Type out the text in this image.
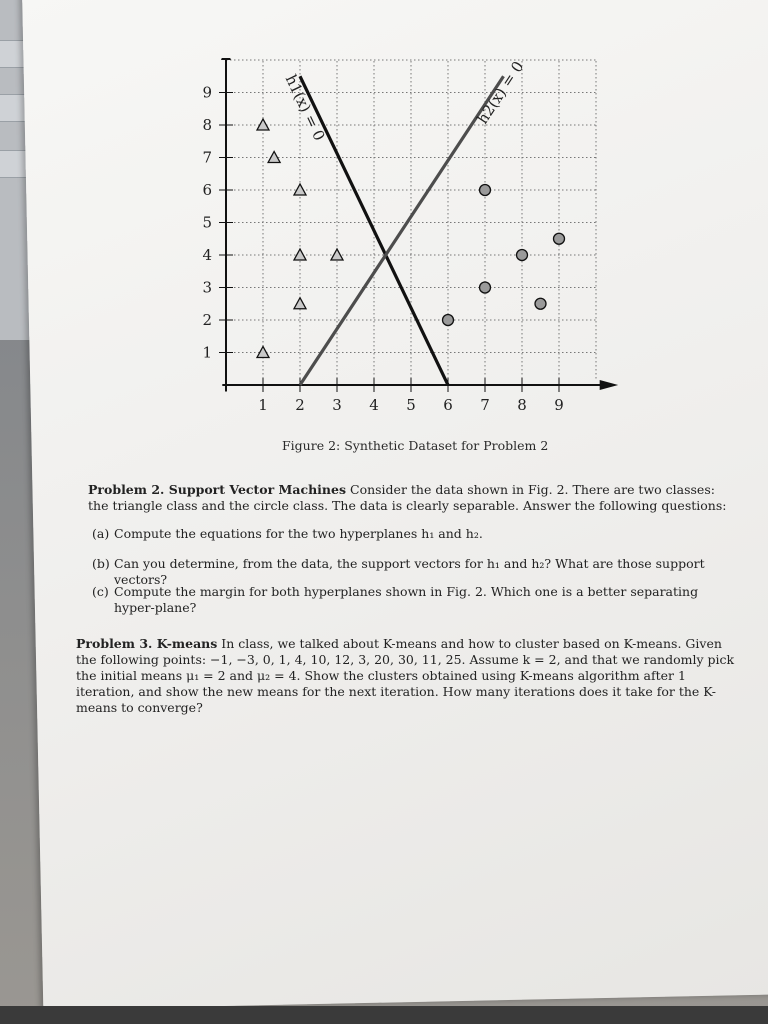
h1(x) = 0	h2(x) = 0
1 2 3 4 5 6 7 8 9
1
2
3
4
5
6
7
8
9
Figure 2: Synthetic Dataset for Problem 2
Problem 2. Support Vector Machines Consider the data shown in Fig. 2. There are two classes: the triangle class and the circle class. The data is clearly separable. Answer the following questions:
(a) Compute the equations for the two hyperplanes h₁ and h₂.
(b) Can you determine, from the data, the support vectors for h₁ and h₂? What are those support vectors?
(c) Compute the margin for both hyperplanes shown in Fig. 2. Which one is a better separating hyper-plane?
Problem 3. K-means In class, we talked about K-means and how to cluster based on K-means. Given the following points: −1, −3, 0, 1, 4, 10, 12, 3, 20, 30, 11, 25. Assume k = 2, and that we randomly pick the initial means μ₁ = 2 and μ₂ = 4. Show the clusters obtained using K-means algorithm after 1 iteration, and show the new means for the next iteration. How many iterations does it take for the K-means to converge?
